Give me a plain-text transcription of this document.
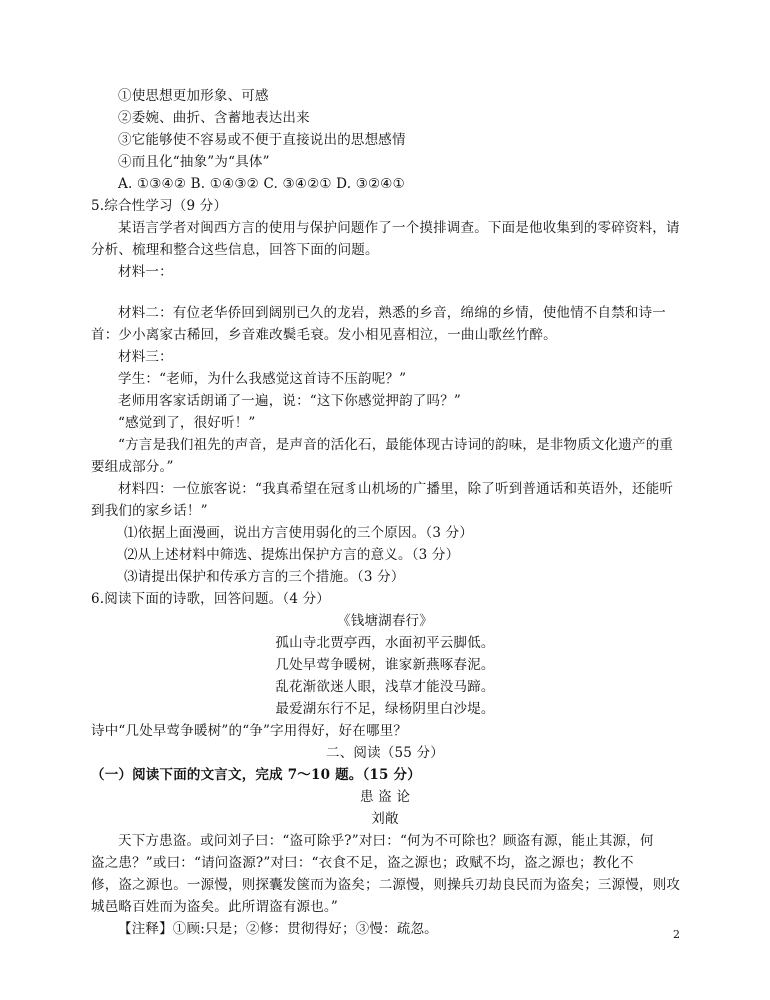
①使思想更加形象、可感
②委婉、曲折、含蓄地表达出来
③它能够使不容易或不便于直接说出的思想感情
④而且化“抽象”为“具体”
A. ①③④② B. ①④③② C. ③④②① D. ③②④①
5.综合性学习（9 分）
某语言学者对闽西方言的使用与保护问题作了一个摸排调查。下面是他收集到的零碎资料，请
分析、梳理和整合这些信息，回答下面的问题。
材料一：
材料二：有位老华侨回到阔别已久的龙岩，熟悉的乡音，绵绵的乡情，使他情不自禁和诗一
首：少小离家古稀回，乡音难改鬓毛衰。发小相见喜相泣，一曲山歌丝竹醉。
材料三：
学生：“老师，为什么我感觉这首诗不压韵呢？”
老师用客家话朗诵了一遍，说：“这下你感觉押韵了吗？”
“感觉到了，很好听！”
“方言是我们祖先的声音，是声音的活化石，最能体现古诗词的韵味，是非物质文化遗产的重
要组成部分。”
材料四：一位旅客说：“我真希望在冠豸山机场的广播里，除了听到普通话和英语外，还能听
到我们的家乡话！”
⑴依据上面漫画，说出方言使用弱化的三个原因。（3 分）
⑵从上述材料中筛选、提炼出保护方言的意义。（3 分）
⑶请提出保护和传承方言的三个措施。（3 分）
6.阅读下面的诗歌，回答问题。（4 分）
《钱塘湖春行》
孤山寺北贾亭西，水面初平云脚低。
几处早莺争暖树，谁家新燕啄春泥。
乱花渐欲迷人眼，浅草才能没马蹄。
最爱湖东行不足，绿杨阴里白沙堤。
诗中“几处早莺争暖树”的“争”字用得好，好在哪里？
二、阅读（55 分）
（一）阅读下面的文言文，完成 7～10 题。（15 分）
患 盗 论
刘敞
天下方患盗。或问刘子曰：“盗可除乎?”对曰：“何为不可除也？顾盗有源，能止其源，何
盗之患？”或曰：“请问盗源?”对曰：“衣食不足，盗之源也；政赋不均，盗之源也；教化不
修，盗之源也。一源慢，则探囊发箧而为盗矣；二源慢，则操兵刃劫良民而为盗矣；三源慢，则攻
城邑略百姓而为盗矣。此所谓盗有源也。”
【注释】①顾:只是；②修：贯彻得好；③慢：疏忽。	2
